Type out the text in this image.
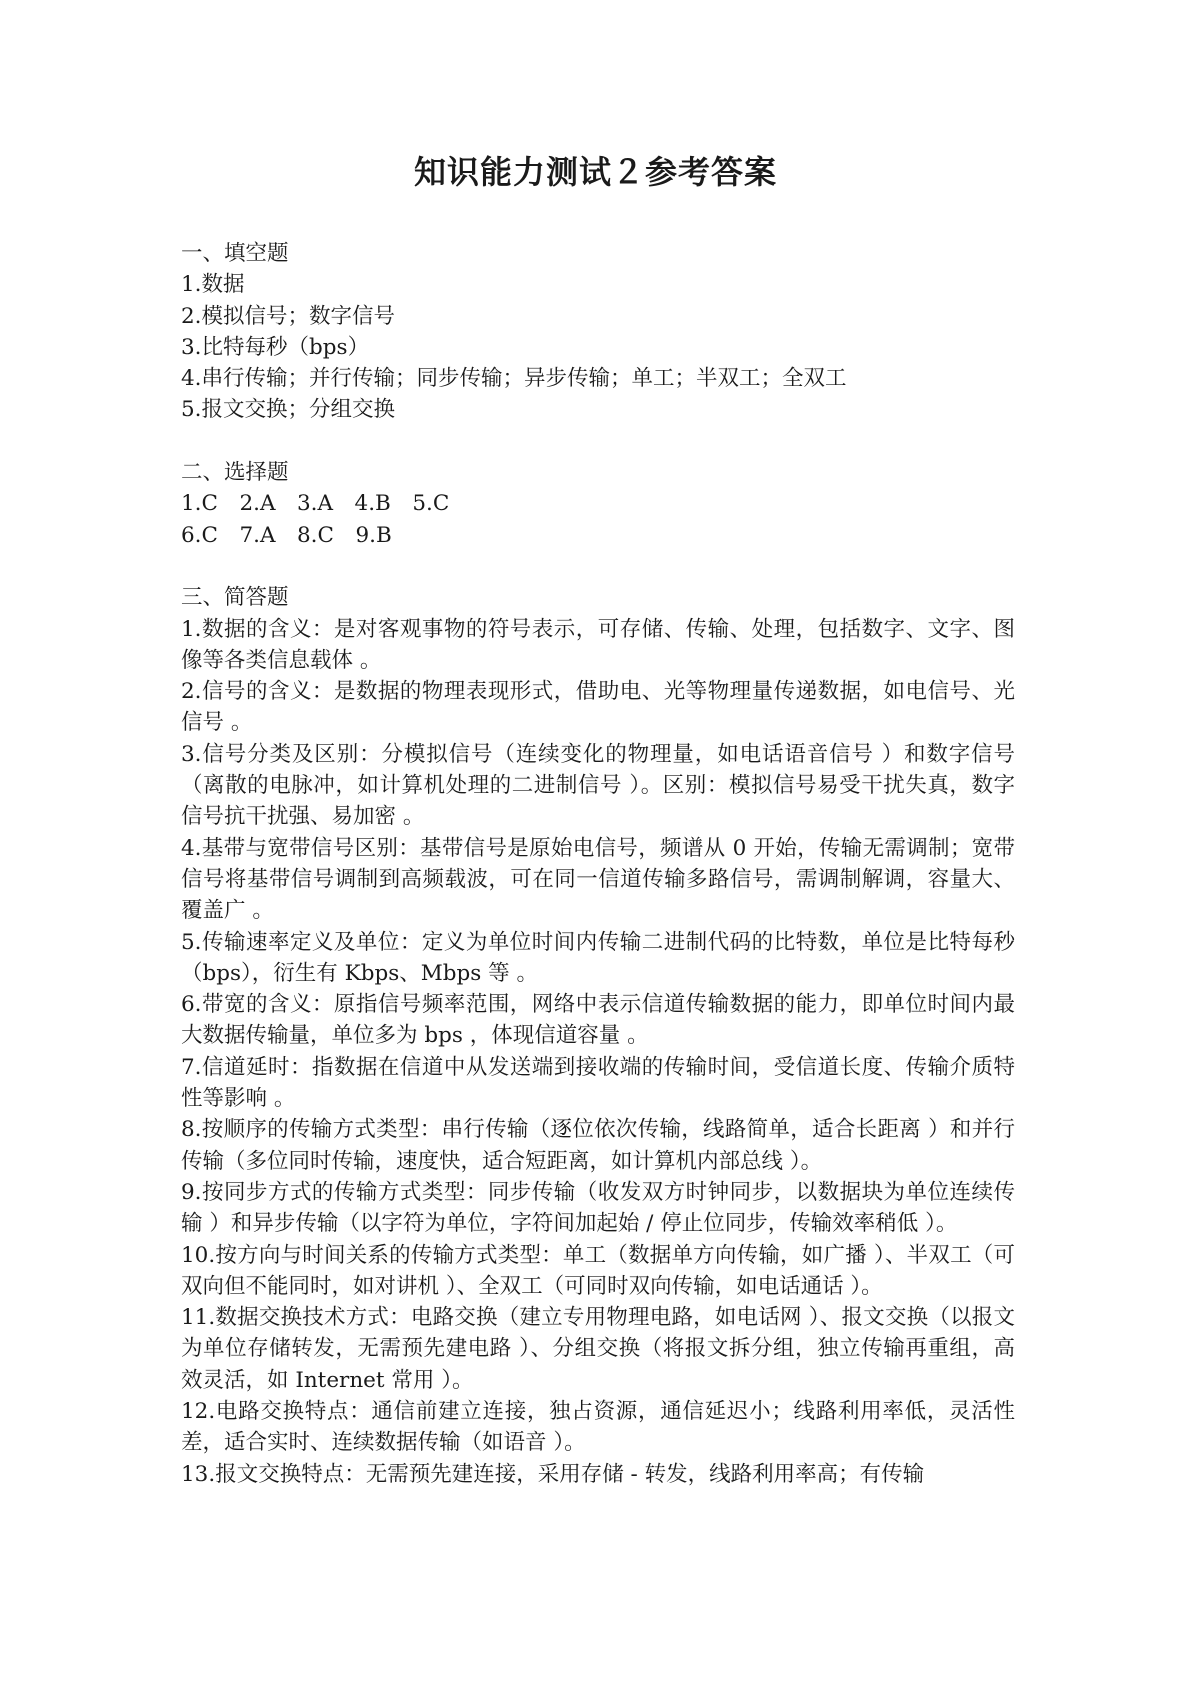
知识能力测试２参考答案

一、填空题

1.数据

2.模拟信号；数字信号

3.比特每秒（bps）

4.串行传输；并行传输；同步传输；异步传输；单工；半双工；全双工

5.报文交换；分组交换

二、选择题

1.C　2.A　3.A　4.B　5.C

6.C　7.A　8.C　9.B

三、简答题

1.数据的含义：是对客观事物的符号表示，可存储、传输、处理，包括数字、文字、图像等各类信息载体 。

2.信号的含义：是数据的物理表现形式，借助电、光等物理量传递数据，如电信号、光信号 。

3.信号分类及区别：分模拟信号（连续变化的物理量，如电话语音信号 ）和数字信号（离散的电脉冲，如计算机处理的二进制信号 ）。区别：模拟信号易受干扰失真，数字信号抗干扰强、易加密 。

4.基带与宽带信号区别：基带信号是原始电信号，频谱从 0 开始，传输无需调制；宽带信号将基带信号调制到高频载波，可在同一信道传输多路信号，需调制解调，容量大、覆盖广 。

5.传输速率定义及单位：定义为单位时间内传输二进制代码的比特数，单位是比特每秒（bps），衍生有 Kbps、Mbps 等 。

6.带宽的含义：原指信号频率范围，网络中表示信道传输数据的能力，即单位时间内最大数据传输量，单位多为 bps ，体现信道容量 。

7.信道延时：指数据在信道中从发送端到接收端的传输时间，受信道长度、传输介质特性等影响 。

8.按顺序的传输方式类型：串行传输（逐位依次传输，线路简单，适合长距离 ）和并行传输（多位同时传输，速度快，适合短距离，如计算机内部总线 ）。

9.按同步方式的传输方式类型：同步传输（收发双方时钟同步，以数据块为单位连续传输 ）和异步传输（以字符为单位，字符间加起始 / 停止位同步，传输效率稍低 ）。

10.按方向与时间关系的传输方式类型：单工（数据单方向传输，如广播 ）、半双工（可双向但不能同时，如对讲机 ）、全双工（可同时双向传输，如电话通话 ）。

11.数据交换技术方式：电路交换（建立专用物理电路，如电话网 ）、报文交换（以报文为单位存储转发，无需预先建电路 ）、分组交换（将报文拆分组，独立传输再重组，高效灵活，如 Internet 常用 ）。

12.电路交换特点：通信前建立连接，独占资源，通信延迟小；线路利用率低，灵活性差，适合实时、连续数据传输（如语音 ）。

13.报文交换特点：无需预先建连接，采用存储 - 转发，线路利用率高；有传输
